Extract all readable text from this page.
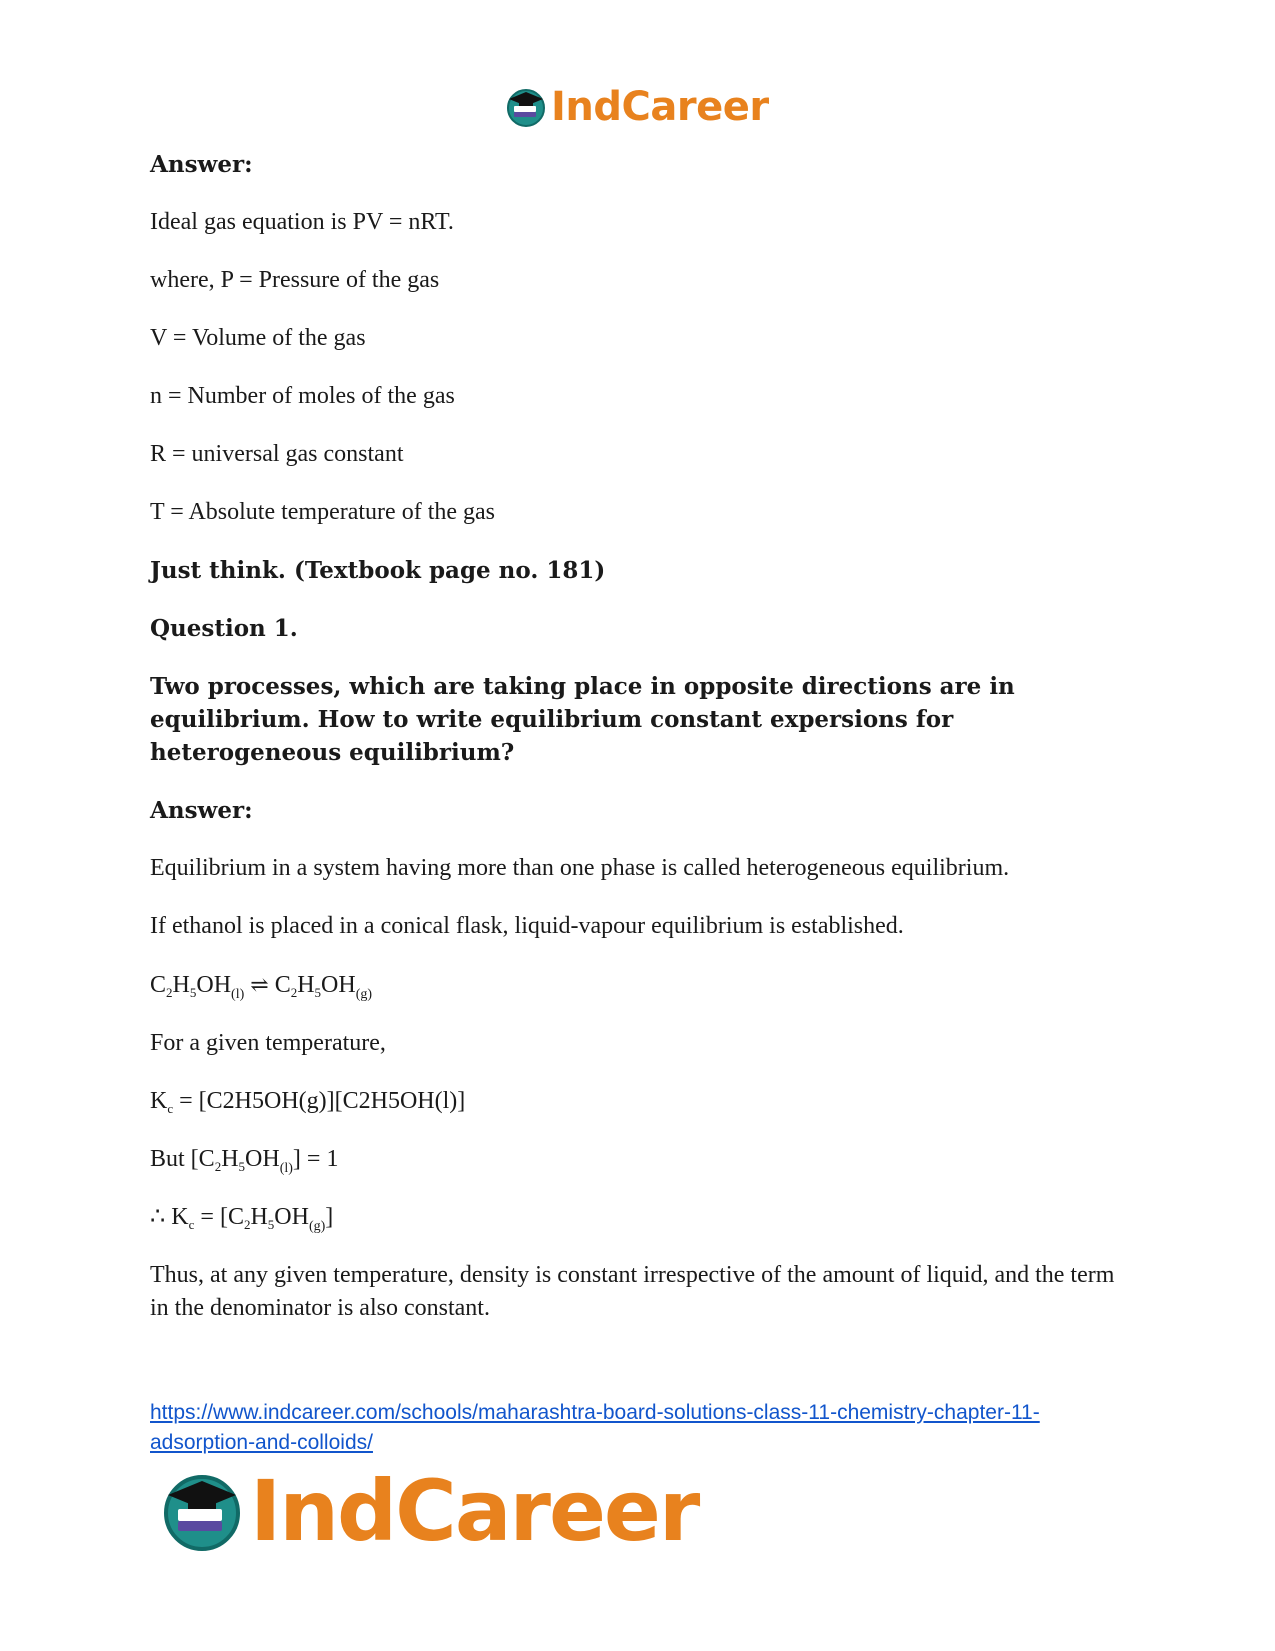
IndCareer

Answer:

Ideal gas equation is PV = nRT.

where, P = Pressure of the gas

V = Volume of the gas

n = Number of moles of the gas

R = universal gas constant

T = Absolute temperature of the gas

Just think. (Textbook page no. 181)

Question 1.

Two processes, which are taking place in opposite directions are in equilibrium. How to write equilibrium constant expersions for heterogeneous equilibrium?

Answer:

Equilibrium in a system having more than one phase is called heterogeneous equilibrium.

If ethanol is placed in a conical flask, liquid-vapour equilibrium is established.

$C_2H_5OH_{(l)}$ ⇌ $C_2H_5OH_{(g)}$

For a given temperature,

$K_c = [C2H5OH(g)][C2H5OH(l)]$

But $[C_2H_5OH_{(l)}] = 1$

∴ $K_c = [C_2H_5OH_{(g)}]$

Thus, at any given temperature, density is constant irrespective of the amount of liquid, and the term in the denominator is also constant.

https://www.indcareer.com/schools/maharashtra-board-solutions-class-11-chemistry-chapter-11-adsorption-and-colloids/
IndCareer
